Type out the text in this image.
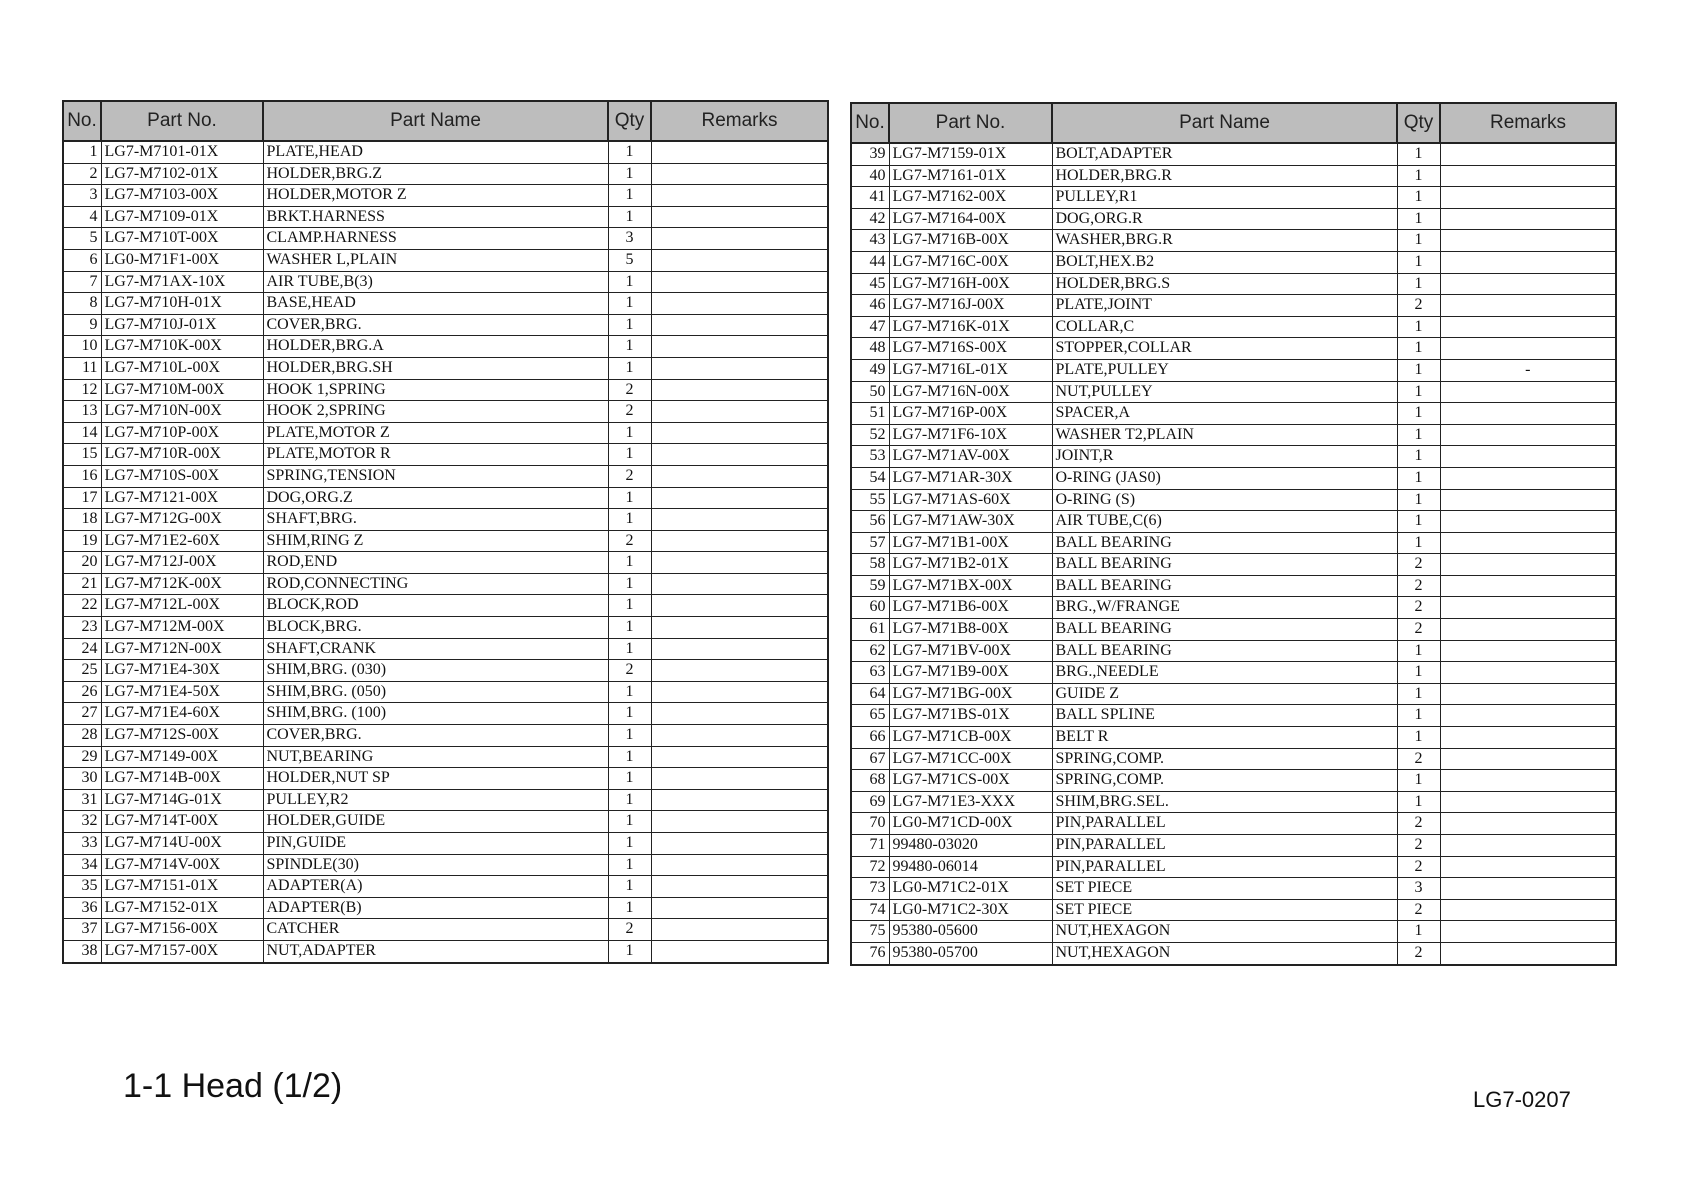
No.	Part No.	Part Name	Qty	Remarks
1	LG7-M7101-01X	PLATE,HEAD	1	
2	LG7-M7102-01X	HOLDER,BRG.Z	1	
3	LG7-M7103-00X	HOLDER,MOTOR Z	1	
4	LG7-M7109-01X	BRKT.HARNESS	1	
5	LG7-M710T-00X	CLAMP.HARNESS	3	
6	LG0-M71F1-00X	WASHER L,PLAIN	5	
7	LG7-M71AX-10X	AIR TUBE,B(3)	1	
8	LG7-M710H-01X	BASE,HEAD	1	
9	LG7-M710J-01X	COVER,BRG.	1	
10	LG7-M710K-00X	HOLDER,BRG.A	1	
11	LG7-M710L-00X	HOLDER,BRG.SH	1	
12	LG7-M710M-00X	HOOK 1,SPRING	2	
13	LG7-M710N-00X	HOOK 2,SPRING	2	
14	LG7-M710P-00X	PLATE,MOTOR Z	1	
15	LG7-M710R-00X	PLATE,MOTOR R	1	
16	LG7-M710S-00X	SPRING,TENSION	2	
17	LG7-M7121-00X	DOG,ORG.Z	1	
18	LG7-M712G-00X	SHAFT,BRG.	1	
19	LG7-M71E2-60X	SHIM,RING Z	2	
20	LG7-M712J-00X	ROD,END	1	
21	LG7-M712K-00X	ROD,CONNECTING	1	
22	LG7-M712L-00X	BLOCK,ROD	1	
23	LG7-M712M-00X	BLOCK,BRG.	1	
24	LG7-M712N-00X	SHAFT,CRANK	1	
25	LG7-M71E4-30X	SHIM,BRG. (030)	2	
26	LG7-M71E4-50X	SHIM,BRG. (050)	1	
27	LG7-M71E4-60X	SHIM,BRG. (100)	1	
28	LG7-M712S-00X	COVER,BRG.	1	
29	LG7-M7149-00X	NUT,BEARING	1	
30	LG7-M714B-00X	HOLDER,NUT SP	1	
31	LG7-M714G-01X	PULLEY,R2	1	
32	LG7-M714T-00X	HOLDER,GUIDE	1	
33	LG7-M714U-00X	PIN,GUIDE	1	
34	LG7-M714V-00X	SPINDLE(30)	1	
35	LG7-M7151-01X	ADAPTER(A)	1	
36	LG7-M7152-01X	ADAPTER(B)	1	
37	LG7-M7156-00X	CATCHER	2	
38	LG7-M7157-00X	NUT,ADAPTER	1	
No.	Part No.	Part Name	Qty	Remarks
39	LG7-M7159-01X	BOLT,ADAPTER	1	
40	LG7-M7161-01X	HOLDER,BRG.R	1	
41	LG7-M7162-00X	PULLEY,R1	1	
42	LG7-M7164-00X	DOG,ORG.R	1	
43	LG7-M716B-00X	WASHER,BRG.R	1	
44	LG7-M716C-00X	BOLT,HEX.B2	1	
45	LG7-M716H-00X	HOLDER,BRG.S	1	
46	LG7-M716J-00X	PLATE,JOINT	2	
47	LG7-M716K-01X	COLLAR,C	1	
48	LG7-M716S-00X	STOPPER,COLLAR	1	
49	LG7-M716L-01X	PLATE,PULLEY	1	-
50	LG7-M716N-00X	NUT,PULLEY	1	
51	LG7-M716P-00X	SPACER,A	1	
52	LG7-M71F6-10X	WASHER T2,PLAIN	1	
53	LG7-M71AV-00X	JOINT,R	1	
54	LG7-M71AR-30X	O-RING (JAS0)	1	
55	LG7-M71AS-60X	O-RING (S)	1	
56	LG7-M71AW-30X	AIR TUBE,C(6)	1	
57	LG7-M71B1-00X	BALL BEARING	1	
58	LG7-M71B2-01X	BALL BEARING	2	
59	LG7-M71BX-00X	BALL BEARING	2	
60	LG7-M71B6-00X	BRG.,W/FRANGE	2	
61	LG7-M71B8-00X	BALL BEARING	2	
62	LG7-M71BV-00X	BALL BEARING	1	
63	LG7-M71B9-00X	BRG.,NEEDLE	1	
64	LG7-M71BG-00X	GUIDE Z	1	
65	LG7-M71BS-01X	BALL SPLINE	1	
66	LG7-M71CB-00X	BELT R	1	
67	LG7-M71CC-00X	SPRING,COMP.	2	
68	LG7-M71CS-00X	SPRING,COMP.	1	
69	LG7-M71E3-XXX	SHIM,BRG.SEL.	1	
70	LG0-M71CD-00X	PIN,PARALLEL	2	
71	99480-03020	PIN,PARALLEL	2	
72	99480-06014	PIN,PARALLEL	2	
73	LG0-M71C2-01X	SET PIECE	3	
74	LG0-M71C2-30X	SET PIECE	2	
75	95380-05600	NUT,HEXAGON	1	
76	95380-05700	NUT,HEXAGON	2	
1-1 Head (1/2)	LG7-0207
